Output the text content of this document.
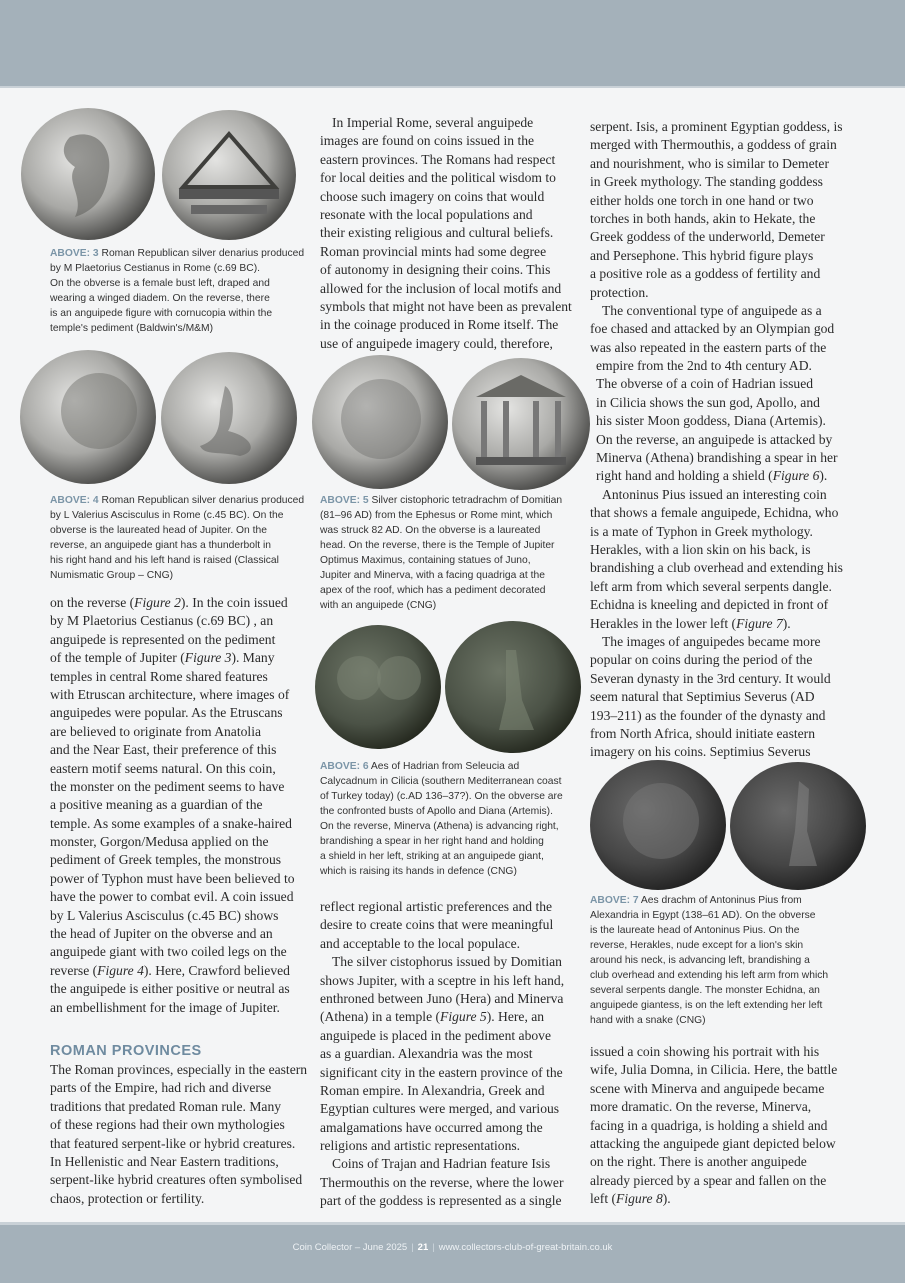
ABOVE: 3 Roman Republican silver denarius produced
by M Plaetorius Cestianus in Rome (c.69 BC).
On the obverse is a female bust left, draped and
wearing a winged diadem. On the reverse, there
is an anguipede figure with cornucopia within the
temple's pediment (Baldwin's/M&M)
ABOVE: 4 Roman Republican silver denarius produced
by L Valerius Ascisculus in Rome (c.45 BC). On the
obverse is the laureated head of Jupiter. On the
reverse, an anguipede giant has a thunderbolt in
his right hand and his left hand is raised (Classical
Numismatic Group – CNG)
ABOVE: 5 Silver cistophoric tetradrachm of Domitian
(81–96 AD) from the Ephesus or Rome mint, which
was struck 82 AD. On the obverse is a laureated
head. On the reverse, there is the Temple of Jupiter
Optimus Maximus, containing statues of Juno,
Jupiter and Minerva, with a facing quadriga at the
apex of the roof, which has a pediment decorated
with an anguipede (CNG)
ABOVE: 6 Aes of Hadrian from Seleucia ad
Calycadnum in Cilicia (southern Mediterranean coast
of Turkey today) (c.AD 136–37?). On the obverse are
the confronted busts of Apollo and Diana (Artemis).
On the reverse, Minerva (Athena) is advancing right,
brandishing a spear in her right hand and holding
a shield in her left, striking at an anguipede giant,
which is raising its hands in defence (CNG)
ABOVE: 7 Aes drachm of Antoninus Pius from
Alexandria in Egypt (138–61 AD). On the obverse
is the laureate head of Antoninus Pius. On the
reverse, Herakles, nude except for a lion's skin
around his neck, is advancing left, brandishing a
club overhead and extending his left arm from which
several serpents dangle. The monster Echidna, an
anguipede giantess, is on the left extending her left
hand with a snake (CNG)
on the reverse (Figure 2). In the coin issued
by M Plaetorius Cestianus (c.69 BC) , an
anguipede is represented on the pediment
of the temple of Jupiter (Figure 3). Many
temples in central Rome shared features
with Etruscan architecture, where images of
anguipedes were popular. As the Etruscans
are believed to originate from Anatolia
and the Near East, their preference of this
eastern motif seems natural. On this coin,
the monster on the pediment seems to have
a positive meaning as a guardian of the
temple. As some examples of a snake-haired
monster, Gorgon/Medusa applied on the
pediment of Greek temples, the monstrous
power of Typhon must have been believed to
have the power to combat evil. A coin issued
by L Valerius Ascisculus (c.45 BC) shows
the head of Jupiter on the obverse and an
anguipede giant with two coiled legs on the
reverse (Figure 4). Here, Crawford believed
the anguipede is either positive or neutral as
an embellishment for the image of Jupiter.
ROMAN PROVINCES
The Roman provinces, especially in the eastern
parts of the Empire, had rich and diverse
traditions that predated Roman rule. Many
of these regions had their own mythologies
that featured serpent-like or hybrid creatures.
In Hellenistic and Near Eastern traditions,
serpent-like hybrid creatures often symbolised
chaos, protection or fertility.
In Imperial Rome, several anguipede
images are found on coins issued in the
eastern provinces. The Romans had respect
for local deities and the political wisdom to
choose such imagery on coins that would
resonate with the local populations and
their existing religious and cultural beliefs.
Roman provincial mints had some degree
of autonomy in designing their coins. This
allowed for the inclusion of local motifs and
symbols that might not have been as prevalent
in the coinage produced in Rome itself. The
use of anguipede imagery could, therefore,
reflect regional artistic preferences and the
desire to create coins that were meaningful
and acceptable to the local populace.
The silver cistophorus issued by Domitian
shows Jupiter, with a sceptre in his left hand,
enthroned between Juno (Hera) and Minerva
(Athena) in a temple (Figure 5). Here, an
anguipede is placed in the pediment above
as a guardian. Alexandria was the most
significant city in the eastern province of the
Roman empire. In Alexandria, Greek and
Egyptian cultures were merged, and various
amalgamations have occurred among the
religions and artistic representations.
Coins of Trajan and Hadrian feature Isis
Thermouthis on the reverse, where the lower
part of the goddess is represented as a single
serpent. Isis, a prominent Egyptian goddess, is
merged with Thermouthis, a goddess of grain
and nourishment, who is similar to Demeter
in Greek mythology. The standing goddess
either holds one torch in one hand or two
torches in both hands, akin to Hekate, the
Greek goddess of the underworld, Demeter
and Persephone. This hybrid figure plays
a positive role as a goddess of fertility and
protection.
The conventional type of anguipede as a
foe chased and attacked by an Olympian god
was also repeated in the eastern parts of the
empire from the 2nd to 4th century AD.
The obverse of a coin of Hadrian issued
in Cilicia shows the sun god, Apollo, and
his sister Moon goddess, Diana (Artemis).
On the reverse, an anguipede is attacked by
Minerva (Athena) brandishing a spear in her
right hand and holding a shield (Figure 6).
Antoninus Pius issued an interesting coin
that shows a female anguipede, Echidna, who
is a mate of Typhon in Greek mythology.
Herakles, with a lion skin on his back, is
brandishing a club overhead and extending his
left arm from which several serpents dangle.
Echidna is kneeling and depicted in front of
Herakles in the lower left (Figure 7).
The images of anguipedes became more
popular on coins during the period of the
Severan dynasty in the 3rd century. It would
seem natural that Septimius Severus (AD
193–211) as the founder of the dynasty and
from North Africa, should initiate eastern
imagery on his coins. Septimius Severus
issued a coin showing his portrait with his
wife, Julia Domna, in Cilicia. Here, the battle
scene with Minerva and anguipede became
more dramatic. On the reverse, Minerva,
facing in a quadriga, is holding a shield and
attacking the anguipede giant depicted below
on the right. There is another anguipede
already pierced by a spear and fallen on the
left (Figure 8).
Coin Collector – June 2025 | 21 | www.collectors-club-of-great-britain.co.uk
